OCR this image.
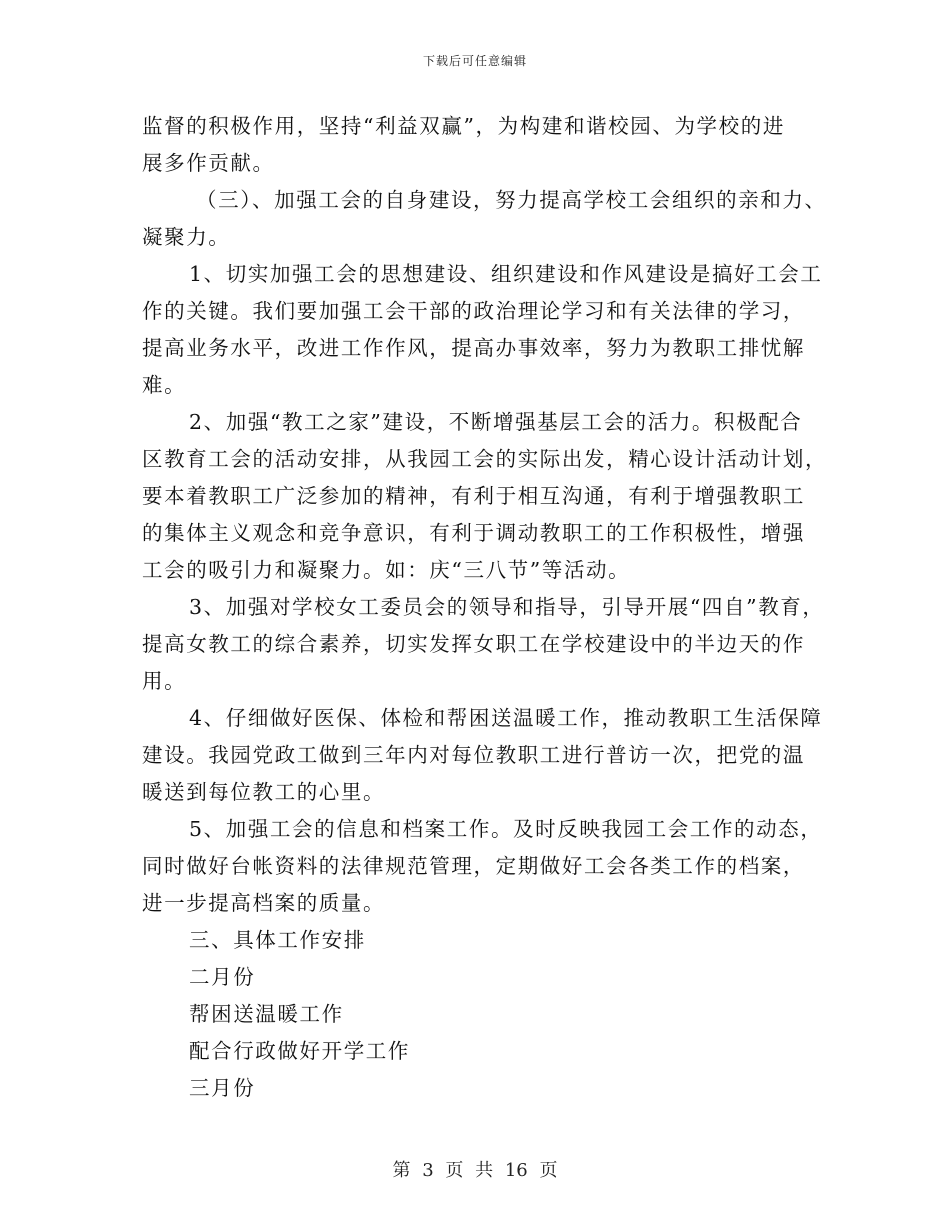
下载后可任意编辑
监督的积极作用，坚持“利益双赢”，为构建和谐校园、为学校的进
展多作贡献。
（三）、加强工会的自身建设，努力提高学校工会组织的亲和力、
凝聚力。
1、切实加强工会的思想建设、组织建设和作风建设是搞好工会工
作的关键。我们要加强工会干部的政治理论学习和有关法律的学习，
提高业务水平，改进工作作风，提高办事效率，努力为教职工排忧解
难。
2、加强“教工之家”建设，不断增强基层工会的活力。积极配合
区教育工会的活动安排，从我园工会的实际出发，精心设计活动计划，
要本着教职工广泛参加的精神，有利于相互沟通，有利于增强教职工
的集体主义观念和竞争意识，有利于调动教职工的工作积极性，增强
工会的吸引力和凝聚力。如：庆“三八节”等活动。
3、加强对学校女工委员会的领导和指导，引导开展“四自”教育，
提高女教工的综合素养，切实发挥女职工在学校建设中的半边天的作
用。
4、仔细做好医保、体检和帮困送温暖工作，推动教职工生活保障
建设。我园党政工做到三年内对每位教职工进行普访一次，把党的温
暖送到每位教工的心里。
5、加强工会的信息和档案工作。及时反映我园工会工作的动态，
同时做好台帐资料的法律规范管理，定期做好工会各类工作的档案，
进一步提高档案的质量。
三、具体工作安排
二月份
帮困送温暖工作
配合行政做好开学工作
三月份
第 3 页 共 16 页
